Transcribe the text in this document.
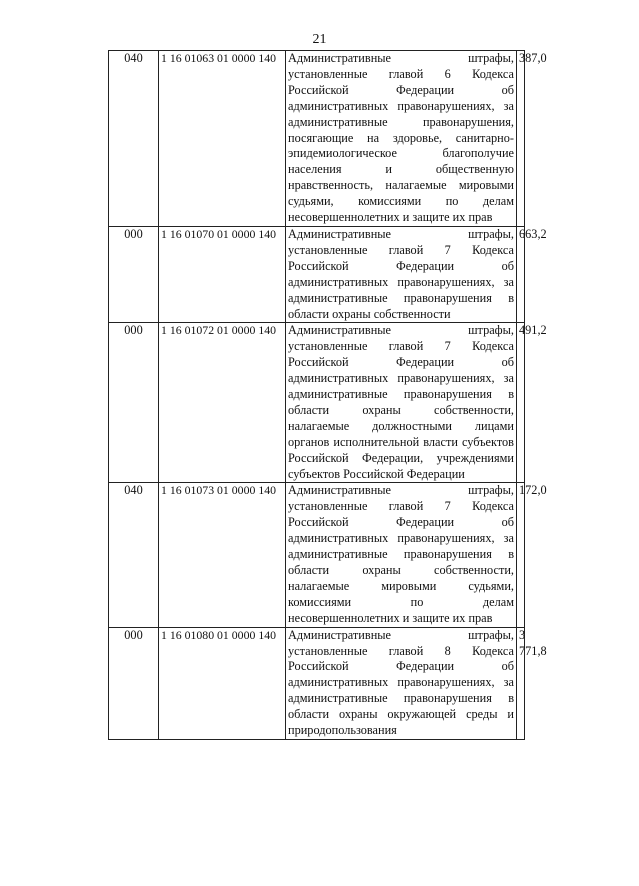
21
040	1 16 01063 01 0000 140	Административные штрафы, установленные главой 6 Кодекса Российской Федерации об административных правонарушениях, за административные правонарушения, посягающие на здоровье, санитарно-эпидемиологическое благополучие населения и общественную нравственность, налагаемые мировыми судьями, комиссиями по делам несовершеннолетних и защите их прав	387,0
000	1 16 01070 01 0000 140	Административные штрафы, установленные главой 7 Кодекса Российской Федерации об административных правонарушениях, за административные правонарушения в области охраны собственности	663,2
000	1 16 01072 01 0000 140	Административные штрафы, установленные главой 7 Кодекса Российской Федерации об административных правонарушениях, за административные правонарушения в области охраны собственности, налагаемые должностными лицами органов исполнительной власти субъектов Российской Федерации, учреждениями субъектов Российской Федерации	491,2
040	1 16 01073 01 0000 140	Административные штрафы, установленные главой 7 Кодекса Российской Федерации об административных правонарушениях, за административные правонарушения в области охраны собственности, налагаемые мировыми судьями, комиссиями по делам несовершеннолетних и защите их прав	172,0
000	1 16 01080 01 0000 140	Административные штрафы, установленные главой 8 Кодекса Российской Федерации об административных правонарушениях, за административные правонарушения в области охраны окружающей среды и природопользования	3 771,8
